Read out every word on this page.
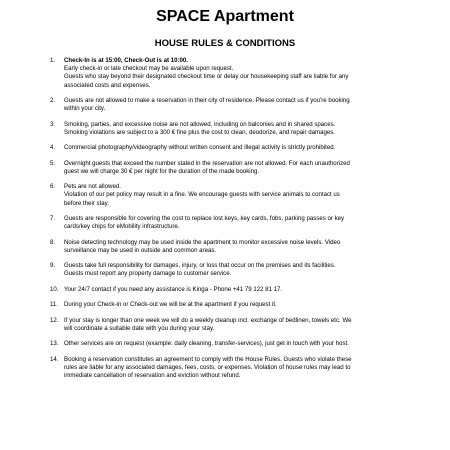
SPACE Apartment
HOUSE RULES & CONDITIONS
1. Check-In is at 15:00, Check-Out is at 10:00.
Early check-in or late checkout may be available upon request.
Guests who stay beyond their designated checkout time or delay our housekeeping staff are liable for any
associated costs and expenses.
2. Guests are not allowed to make a reservation in their city of residence. Please contact us if you're booking
within your city.
3. Smoking, parties, and excessive noise are not allowed, including on balconies and in shared spaces.
Smoking violations are subject to a 300 € fine plus the cost to clean, deodorize, and repair damages.
4. Commercial photography/videography without written consent and illegal activity is strictly prohibited.
5. Overnight guests that exceed the number stated in the reservation are not allowed. For each unauthorized
guest we will charge 30 € per night for the duration of the made booking.
6. Pets are not allowed.
Violation of our pet policy may result in a fine. We encourage guests with service animals to contact us
before their stay.
7. Guests are responsible for covering the cost to replace lost keys, key cards, fobs, parking passes or key
cards/key chips for eMobility infrastructure.
8. Noise detecting technology may be used inside the apartment to monitor excessive noise levels. Video
surveillance may be used in outside and common areas.
9. Guests take full responsibility for damages, injury, or loss that occur on the premises and its facilities.
Guests must report any property damage to customer service.
10. Your 24/7 contact if you need any assistance is Kinga - Phone +41 79 122 81 17.
11. During your Check-in or Check-out we will be at the apartment if you request it.
12. If your stay is longer than one week we will do a weekly cleanup incl. exchange of bedlinen, towels etc. We
will coordinate a suitable date with you during your stay.
13. Other services are on request (example: daily cleaning, transfer-services), just get in touch with your host.
14. Booking a reservation constitutes an agreement to comply with the House Rules. Guests who violate these
rules are liable for any associated damages, fees, costs, or expenses. Violation of house rules may lead to
immediate cancellation of reservation and eviction without refund.
